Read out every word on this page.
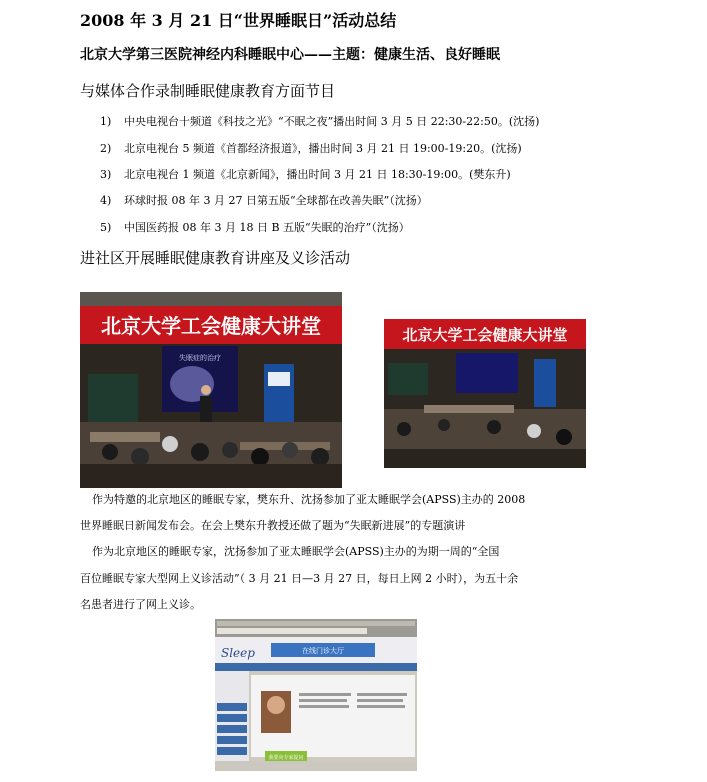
2008 年 3 月 21 日“世界睡眠日”活动总结
北京大学第三医院神经内科睡眠中心——主题：健康生活、良好睡眠
与媒体合作录制睡眠健康教育方面节目
1) 中央电视台十频道《科技之光》“不眠之夜”播出时间 3 月 5 日 22:30-22:50。(沈扬)
2) 北京电视台 5 频道《首都经济报道》，播出时间 3 月 21 日 19:00-19:20。(沈扬)
3) 北京电视台 1 频道《北京新闻》，播出时间 3 月 21 日 18:30-19:00。(樊东升)
4) 环球时报 08 年 3 月 27 日第五版“全球都在改善失眠”（沈扬）
5) 中国医药报 08 年 3 月 18 日 B 五版“失眠的治疗”（沈扬）
进社区开展睡眠健康教育讲座及义诊活动
北京大学工会健康大讲堂
失眠症的治疗
北京大学工会健康大讲堂
作为特邀的北京地区的睡眠专家，樊东升、沈扬参加了亚太睡眠学会(APSS)主办的 2008
世界睡眠日新闻发布会。在会上樊东升教授还做了题为“失眠新进展”的专题演讲
作为北京地区的睡眠专家，沈扬参加了亚太睡眠学会(APSS)主办的为期一周的“全国
百位睡眠专家大型网上义诊活动”（ 3 月 21 日—3 月 27 日，每日上网 2 小时），为五十余
名患者进行了网上义诊。
Sleep	在线门诊大厅
我要向专家提问
